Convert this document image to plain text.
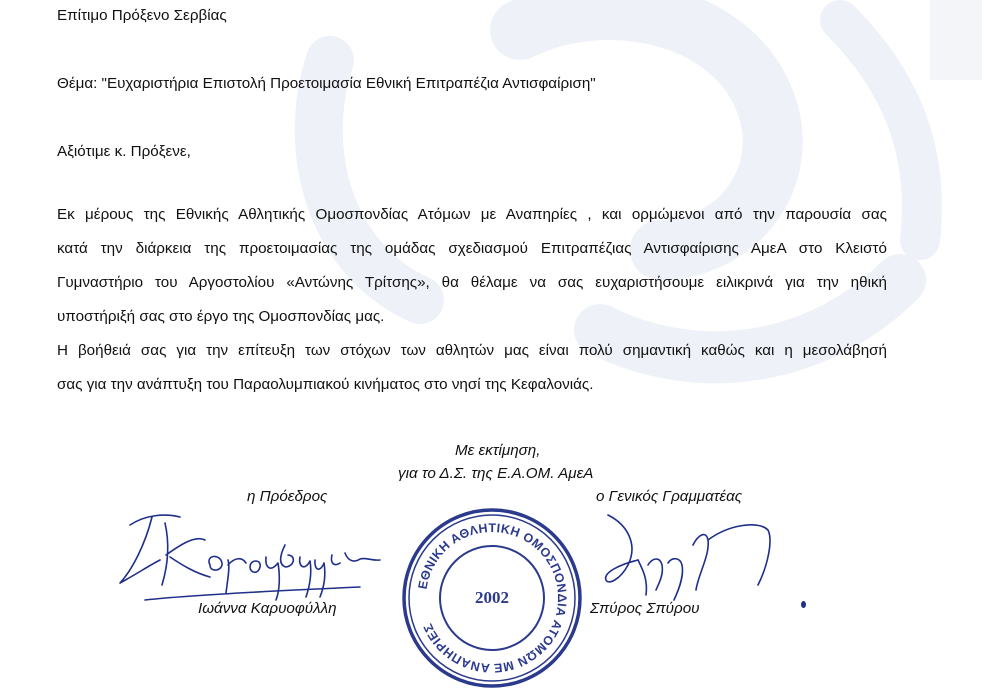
Επίτιμο Πρόξενο Σερβίας
Θέμα: "Ευχαριστήρια Επιστολή Προετοιμασία Εθνική Επιτραπέζια Αντισφαίριση"
Αξιότιμε κ. Πρόξενε,

Εκ μέρους της Εθνικής Αθλητικής Ομοσπονδίας Ατόμων με Αναπηρίες , και ορμώμενοι από την παρουσία σας

κατά την διάρκεια της προετοιμασίας της ομάδας σχεδιασμού Επιτραπέζιας Αντισφαίρισης ΑμεΑ στο Κλειστό

Γυμναστήριο του Αργοστολίου «Αντώνης Τρίτσης», θα θέλαμε να σας ευχαριστήσουμε ειλικρινά για την ηθική

υποστήριξή σας στο έργο της Ομοσπονδίας μας.

Η βοήθειά σας για την επίτευξη των στόχων των αθλητών μας είναι πολύ σημαντική καθώς και η μεσολάβησή

σας για την ανάπτυξη του Παραολυμπιακού κινήματος στο νησί της Κεφαλονιάς.

Με εκτίμηση,
για το Δ.Σ. της Ε.Α.ΟΜ. ΑμεΑ
η Πρόεδρος	ο Γενικός Γραμματέας
Ιωάννα Καρυοφύλλη	Σπύρος Σπύρου
ΕΘΝΙΚΗ ΑΘΛΗΤΙΚΗ ΟΜΟΣΠΟΝΔΙΑ ΑΤΟΜΩΝ ΜΕ ΑΝΑΠΗΡΙΕΣ
2002
